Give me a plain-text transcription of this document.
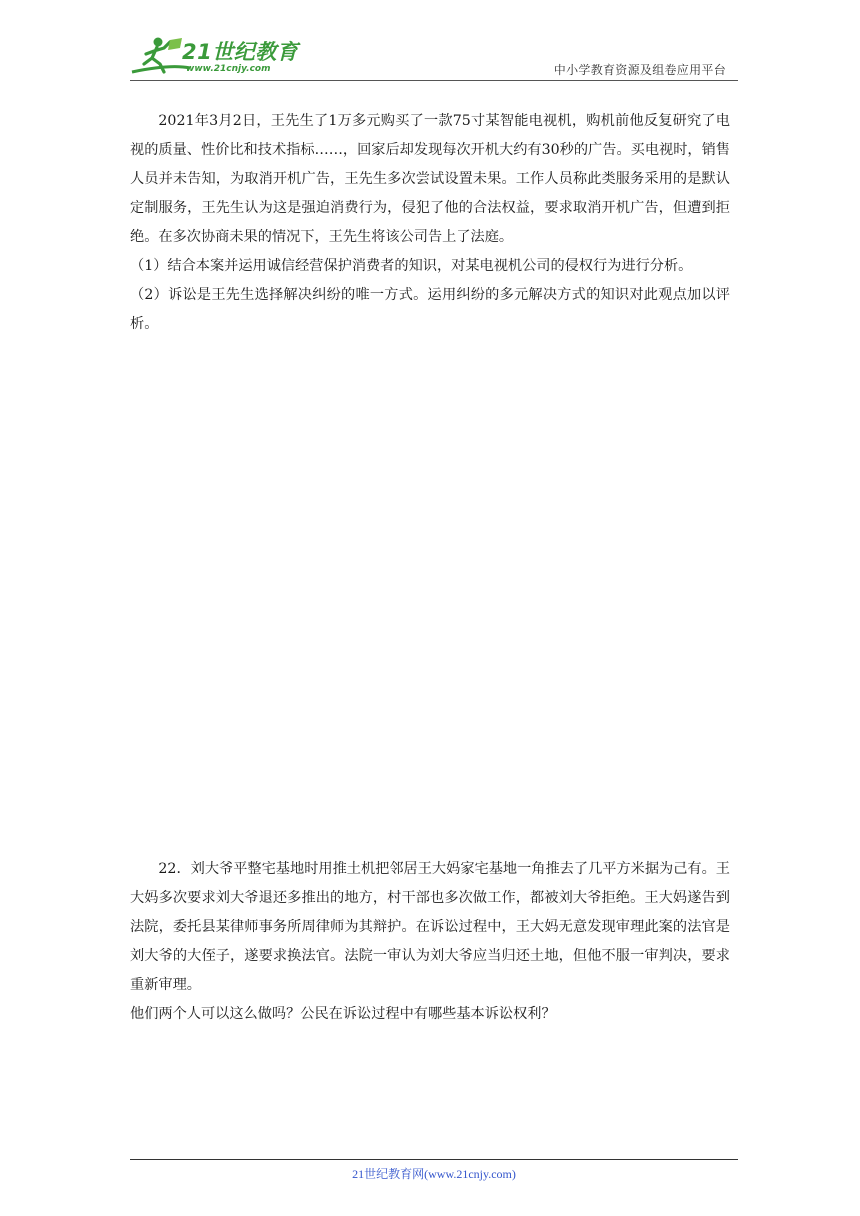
21世纪教育
www.21cnjy.com	中小学教育资源及组卷应用平台

2021年3月2日，王先生了1万多元购买了一款75寸某智能电视机，购机前他反复研究了电视的质量、性价比和技术指标……，回家后却发现每次开机大约有30秒的广告。买电视时，销售人员并未告知，为取消开机广告，王先生多次尝试设置未果。工作人员称此类服务采用的是默认定制服务，王先生认为这是强迫消费行为，侵犯了他的合法权益，要求取消开机广告，但遭到拒绝。在多次协商未果的情况下，王先生将该公司告上了法庭。

（1）结合本案并运用诚信经营保护消费者的知识，对某电视机公司的侵权行为进行分析。

（2）诉讼是王先生选择解决纠纷的唯一方式。运用纠纷的多元解决方式的知识对此观点加以评析。

22．刘大爷平整宅基地时用推土机把邻居王大妈家宅基地一角推去了几平方米据为己有。王大妈多次要求刘大爷退还多推出的地方，村干部也多次做工作，都被刘大爷拒绝。王大妈遂告到法院，委托县某律师事务所周律师为其辩护。在诉讼过程中，王大妈无意发现审理此案的法官是刘大爷的大侄子，遂要求换法官。法院一审认为刘大爷应当归还土地，但他不服一审判决，要求重新审理。

他们两个人可以这么做吗？公民在诉讼过程中有哪些基本诉讼权利？

21世纪教育网(www.21cnjy.com)
